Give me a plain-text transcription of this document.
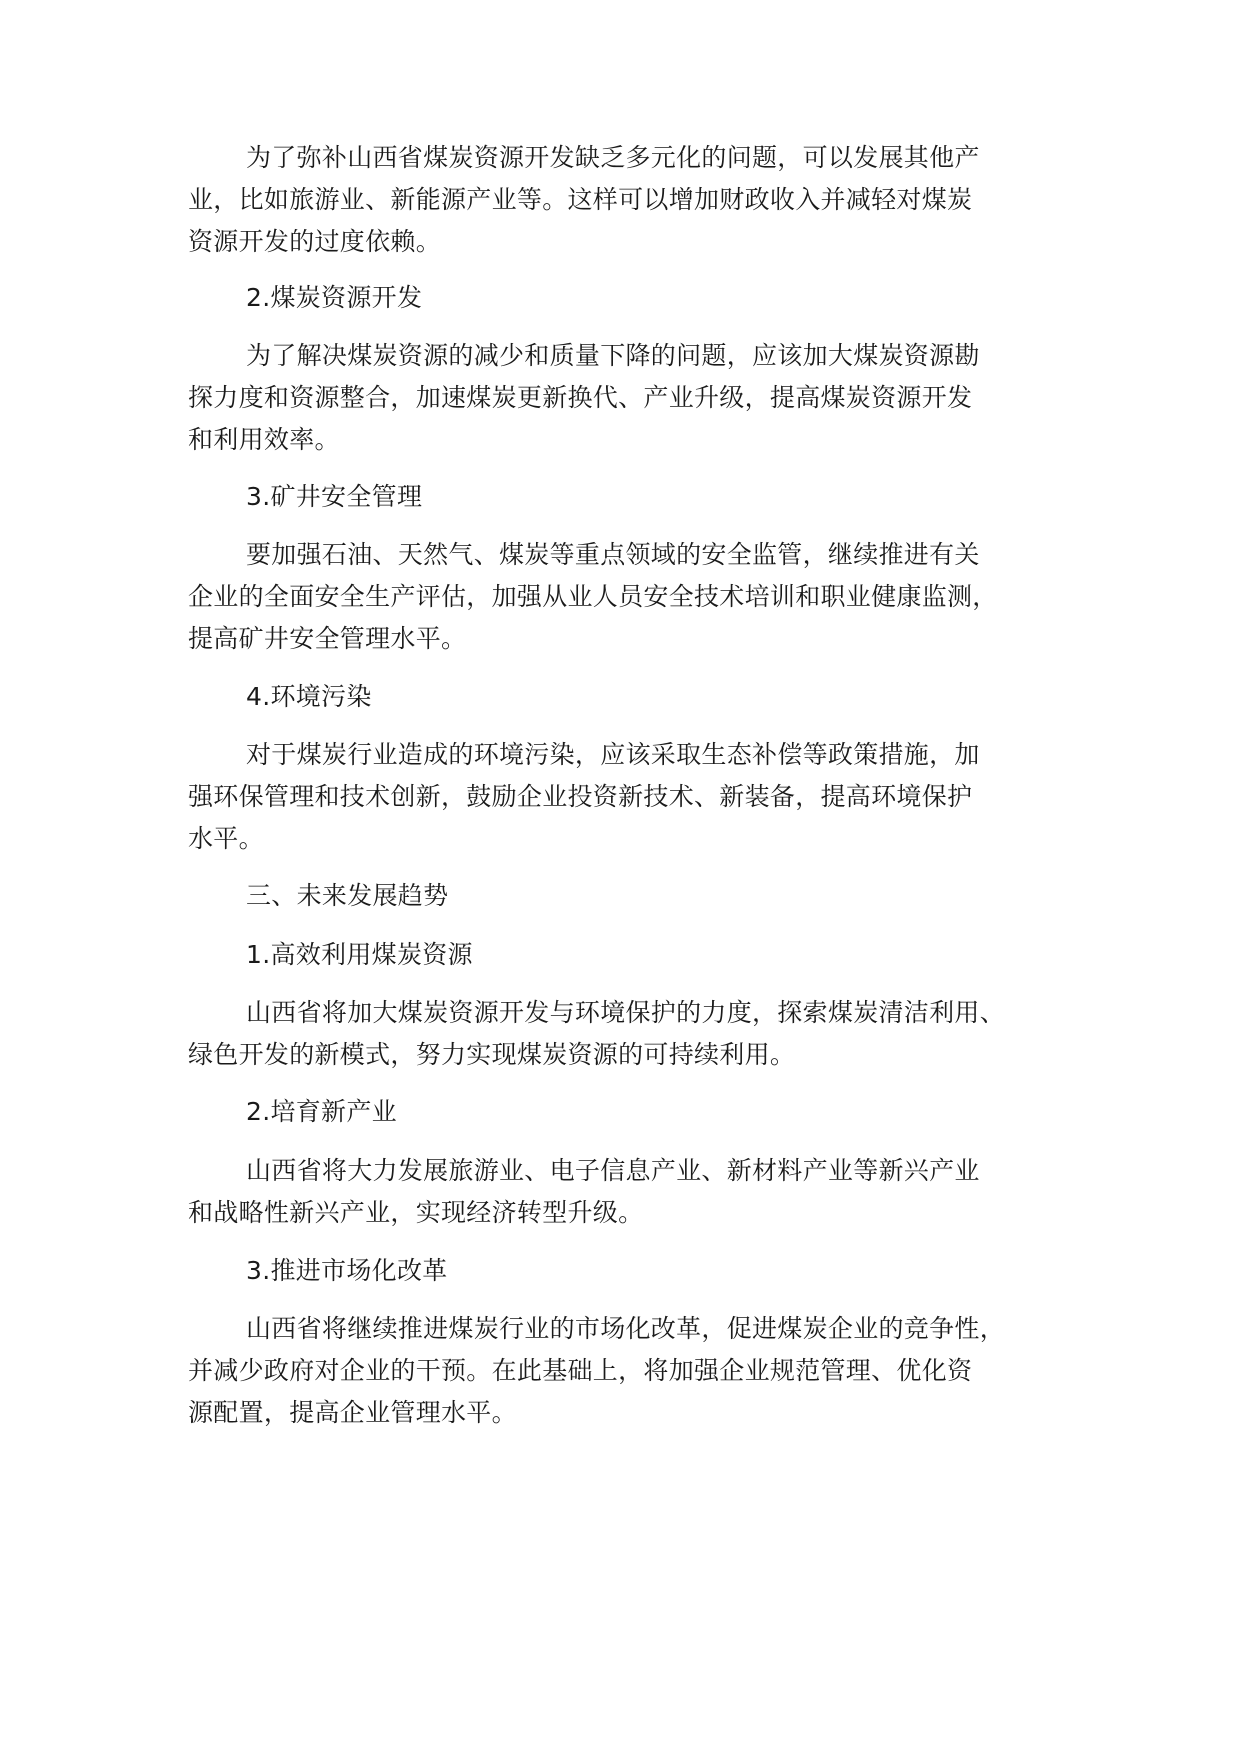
为了弥补山西省煤炭资源开发缺乏多元化的问题，可以发展其他产
业，比如旅游业、新能源产业等。这样可以增加财政收入并减轻对煤炭
资源开发的过度依赖。
2.煤炭资源开发
为了解决煤炭资源的减少和质量下降的问题，应该加大煤炭资源勘
探力度和资源整合，加速煤炭更新换代、产业升级，提高煤炭资源开发
和利用效率。
3.矿井安全管理
要加强石油、天然气、煤炭等重点领域的安全监管，继续推进有关
企业的全面安全生产评估，加强从业人员安全技术培训和职业健康监测，
提高矿井安全管理水平。
4.环境污染
对于煤炭行业造成的环境污染，应该采取生态补偿等政策措施，加
强环保管理和技术创新，鼓励企业投资新技术、新装备，提高环境保护
水平。
三、未来发展趋势
1.高效利用煤炭资源
山西省将加大煤炭资源开发与环境保护的力度，探索煤炭清洁利用、
绿色开发的新模式，努力实现煤炭资源的可持续利用。
2.培育新产业
山西省将大力发展旅游业、电子信息产业、新材料产业等新兴产业
和战略性新兴产业，实现经济转型升级。
3.推进市场化改革
山西省将继续推进煤炭行业的市场化改革，促进煤炭企业的竞争性，
并减少政府对企业的干预。在此基础上，将加强企业规范管理、优化资
源配置，提高企业管理水平。
